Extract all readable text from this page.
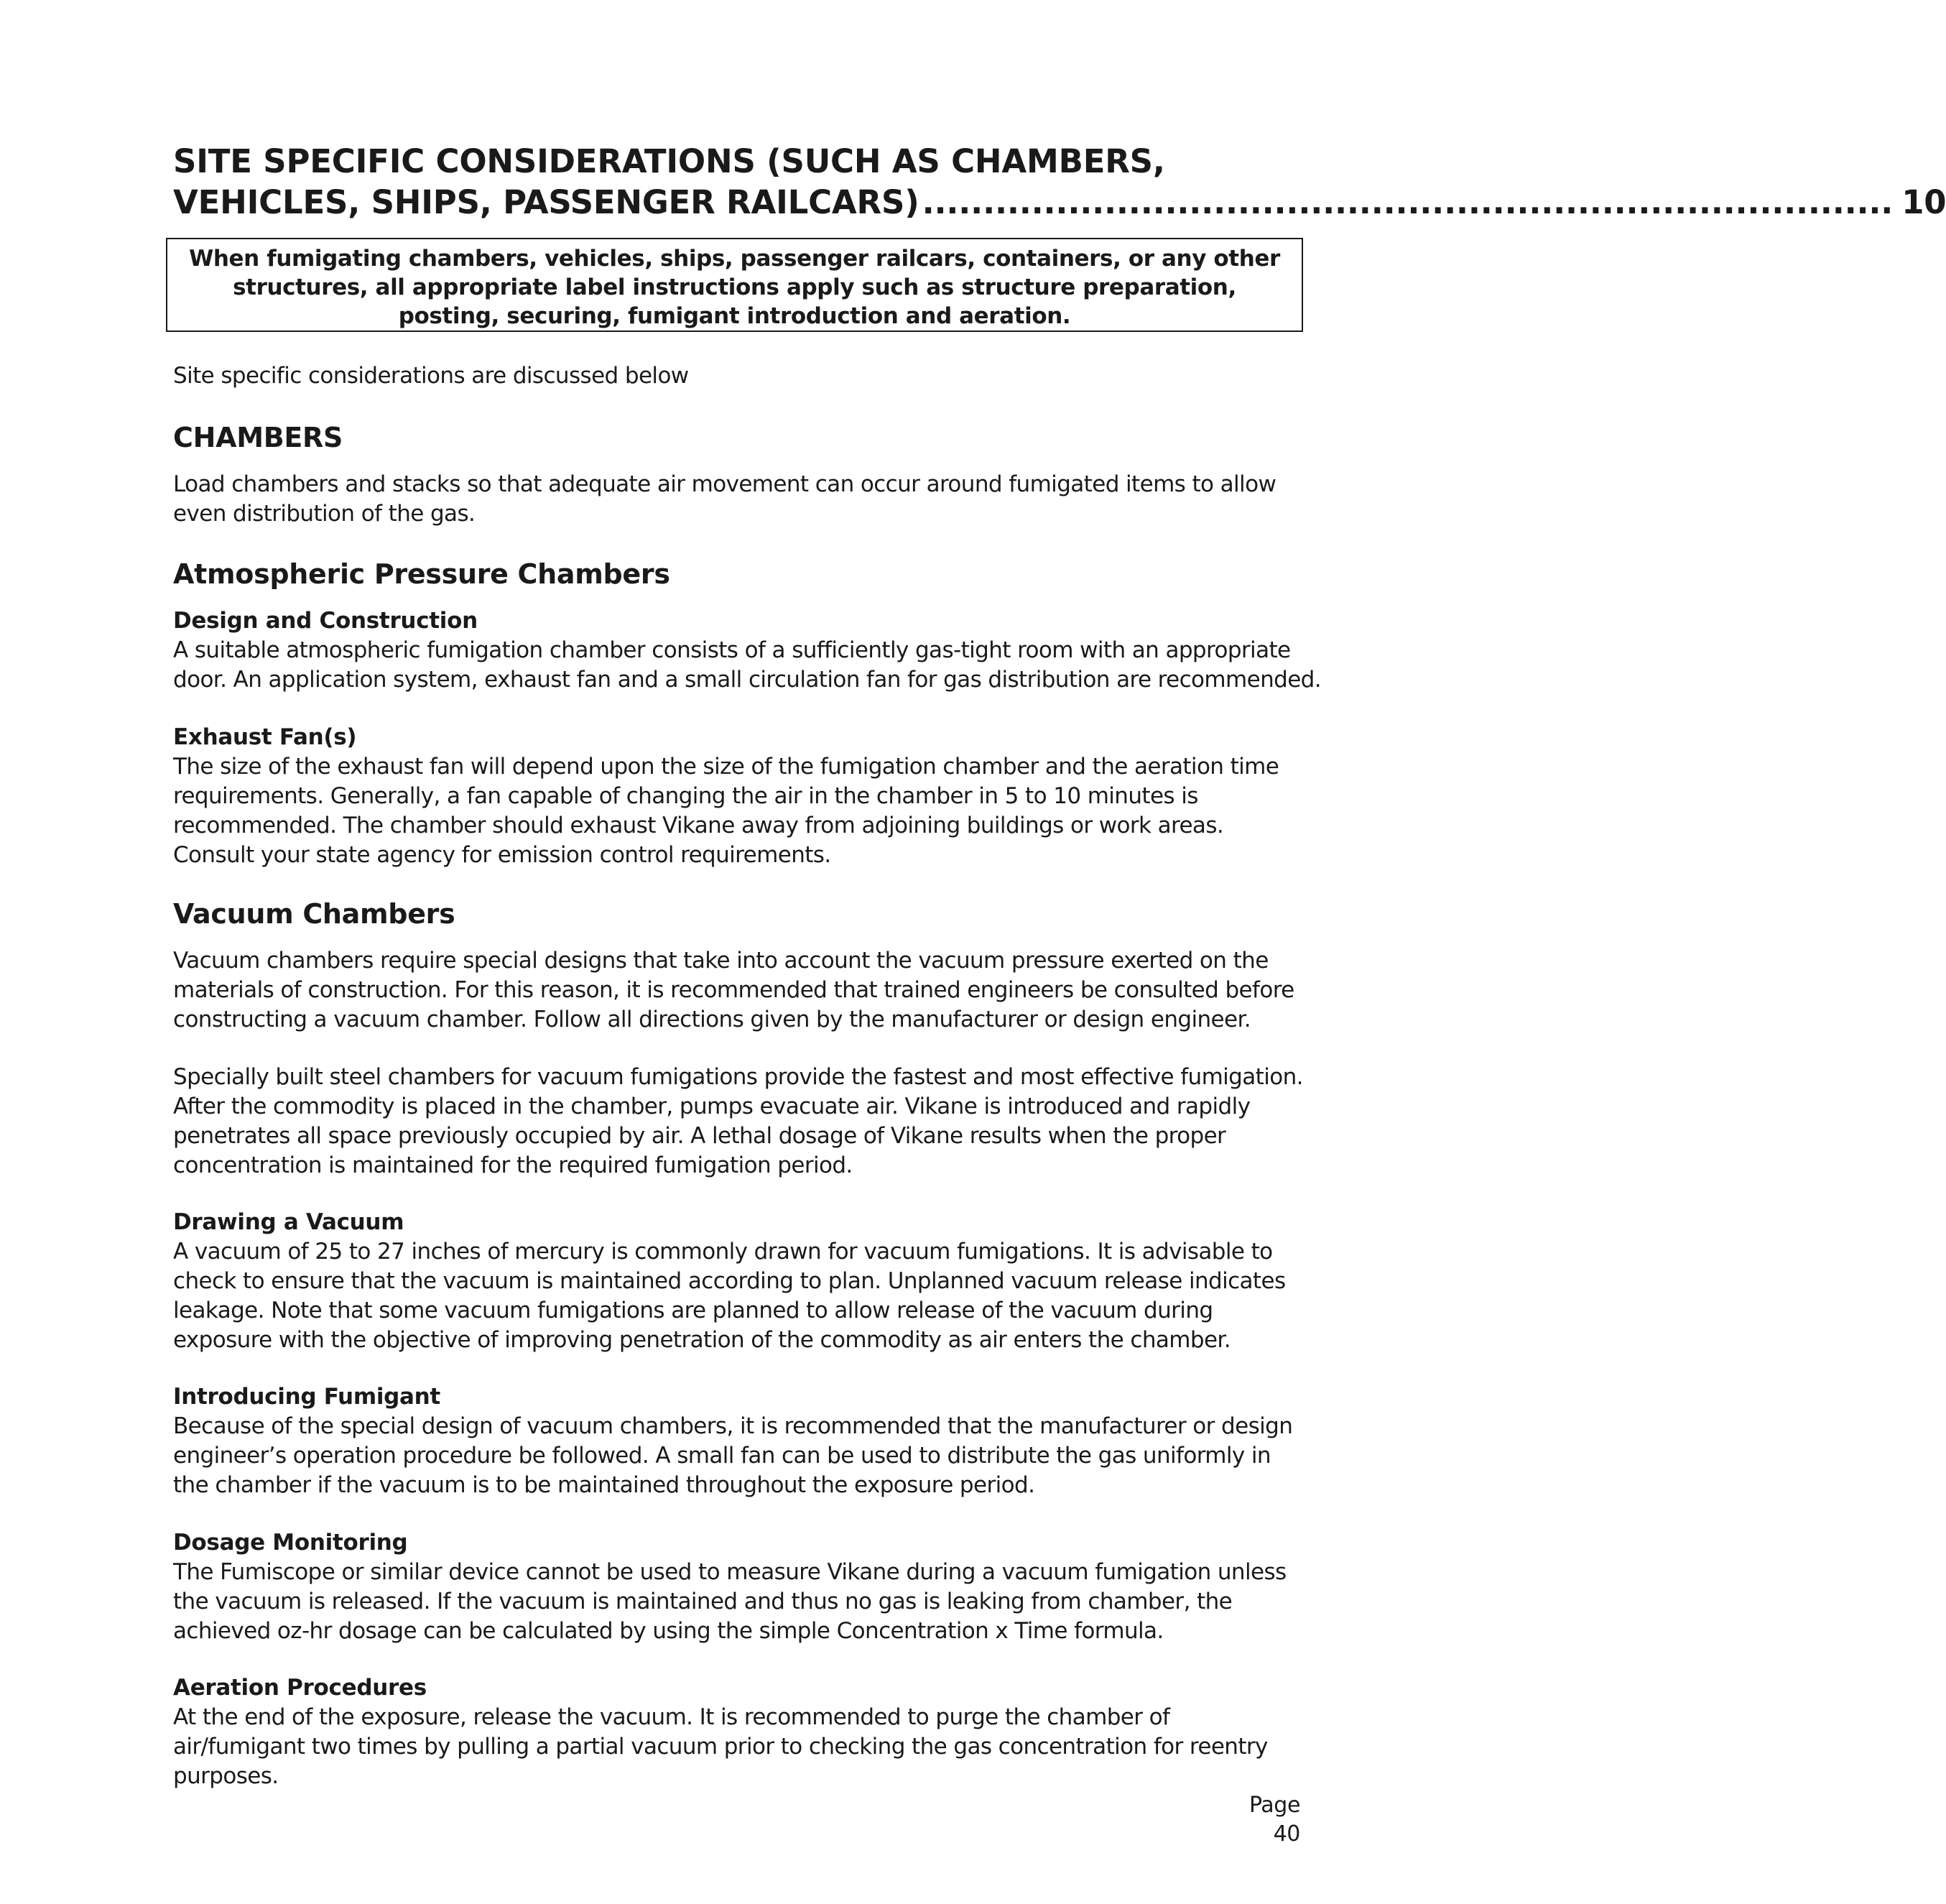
SITE SPECIFIC CONSIDERATIONS (SUCH AS CHAMBERS,
VEHICLES, SHIPS, PASSENGER RAILCARS) ................................................................................ 10
When fumigating chambers, vehicles, ships, passenger railcars, containers, or any other structures, all appropriate label instructions apply such as structure preparation, posting, securing, fumigant introduction and aeration.

Site specific considerations are discussed below

CHAMBERS

Load chambers and stacks so that adequate air movement can occur around fumigated items to allow
even distribution of the gas.

Atmospheric Pressure Chambers
Design and Construction

A suitable atmospheric fumigation chamber consists of a sufficiently gas-tight room with an appropriate
door. An application system, exhaust fan and a small circulation fan for gas distribution are recommended.

Exhaust Fan(s)

The size of the exhaust fan will depend upon the size of the fumigation chamber and the aeration time
requirements. Generally, a fan capable of changing the air in the chamber in 5 to 10 minutes is
recommended. The chamber should exhaust Vikane away from adjoining buildings or work areas.
Consult your state agency for emission control requirements.

Vacuum Chambers

Vacuum chambers require special designs that take into account the vacuum pressure exerted on the
materials of construction. For this reason, it is recommended that trained engineers be consulted before
constructing a vacuum chamber. Follow all directions given by the manufacturer or design engineer.

Specially built steel chambers for vacuum fumigations provide the fastest and most effective fumigation.
After the commodity is placed in the chamber, pumps evacuate air. Vikane is introduced and rapidly
penetrates all space previously occupied by air. A lethal dosage of Vikane results when the proper
concentration is maintained for the required fumigation period.

Drawing a Vacuum

A vacuum of 25 to 27 inches of mercury is commonly drawn for vacuum fumigations. It is advisable to
check to ensure that the vacuum is maintained according to plan. Unplanned vacuum release indicates
leakage. Note that some vacuum fumigations are planned to allow release of the vacuum during
exposure with the objective of improving penetration of the commodity as air enters the chamber.

Introducing Fumigant

Because of the special design of vacuum chambers, it is recommended that the manufacturer or design
engineer’s operation procedure be followed. A small fan can be used to distribute the gas uniformly in
the chamber if the vacuum is to be maintained throughout the exposure period.

Dosage Monitoring

The Fumiscope or similar device cannot be used to measure Vikane during a vacuum fumigation unless
the vacuum is released. If the vacuum is maintained and thus no gas is leaking from chamber, the
achieved oz-hr dosage can be calculated by using the simple Concentration x Time formula.

Aeration Procedures

At the end of the exposure, release the vacuum. It is recommended to purge the chamber of
air/fumigant two times by pulling a partial vacuum prior to checking the gas concentration for reentry
purposes.

Page 40
